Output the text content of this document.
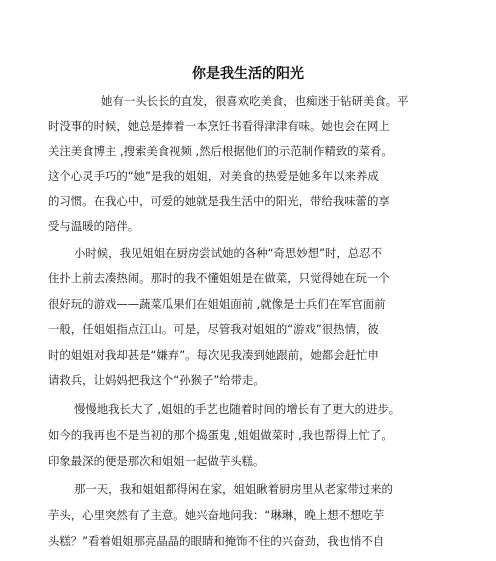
你是我生活的阳光
她有一头长长的直发，很喜欢吃美食，也痴迷于钻研美食。平
时没事的时候，她总是捧着一本烹饪书看得津津有味。她也会在网上
关注美食博主 ,搜索美食视频 ,然后根据他们的示范制作精致的菜肴。
这个心灵手巧的“她”是我的姐姐，对美食的热爱是她多年以来养成
的习惯。在我心中，可爱的她就是我生活中的阳光，带给我味蕾的享
受与温暖的陪伴。
小时候，我见姐姐在厨房尝试她的各种“奇思妙想”时，总忍不
住扑上前去凑热闹。那时的我不懂姐姐是在做菜，只觉得她在玩一个
很好玩的游戏——蔬菜瓜果们在姐姐面前 ,就像是士兵们在军官面前
一般，任姐姐指点江山。可是，尽管我对姐姐的“游戏”很热情，彼
时的姐姐对我却甚是“嫌弃”。每次见我凑到她跟前，她都会赶忙申
请救兵，让妈妈把我这个“孙猴子”给带走。
慢慢地我长大了 ,姐姐的手艺也随着时间的增长有了更大的进步。
如今的我再也不是当初的那个捣蛋鬼 ,姐姐做菜时 ,我也帮得上忙了。
印象最深的便是那次和姐姐一起做芋头糕。
那一天，我和姐姐都得闲在家，姐姐瞅着厨房里从老家带过来的
芋头，心里突然有了主意。她兴奋地问我：“琳琳，晚上想不想吃芋
头糕？”看着姐姐那亮晶晶的眼睛和掩饰不住的兴奋劲，我也悄不自
